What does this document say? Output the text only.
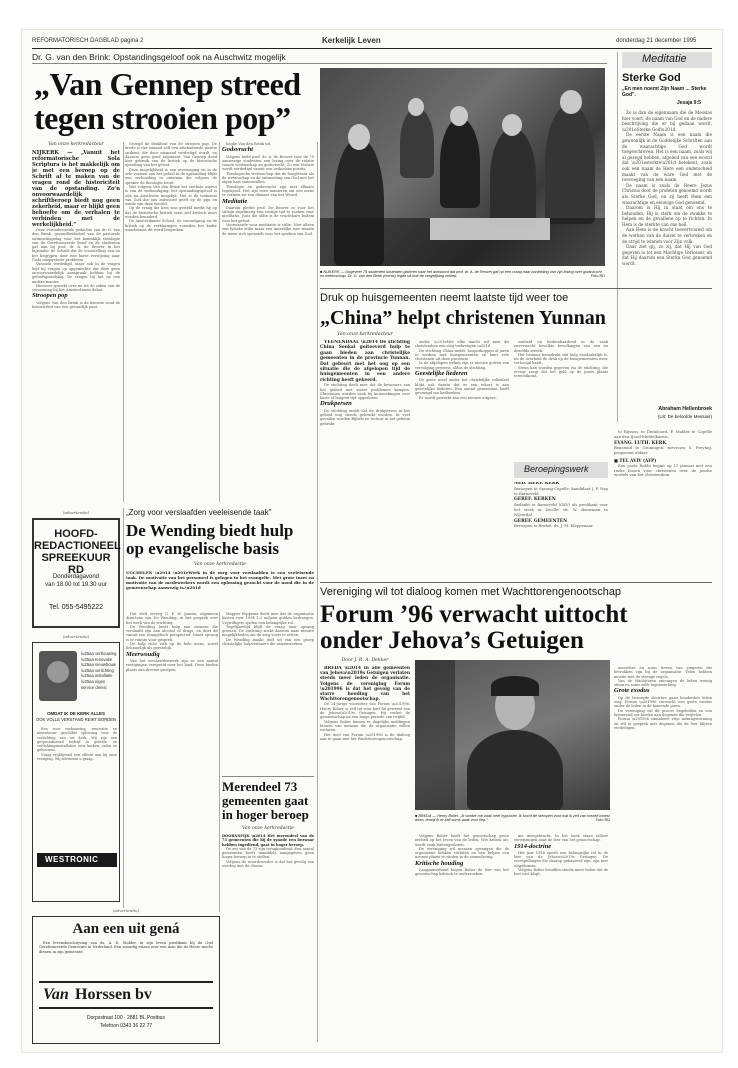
REFORMATORISCH DAGBLAD pagina 2	Kerkelijk Leven	donderdag 21 december 1995
Dr. G. van den Brink: Opstandingsgeloof ook na Auschwitz mogelijk
„Van Gennep streed
tegen strooien pop”
■ NIJKERK — Ongeveer 75 studenten luisterden gisteren naar het antwoord dat prof. dr. A. de Reuver gaf op een vraag naar aanleiding van zijn lezing over godsvrucht en wetenschap. Dr. G. van den Brink (rechts) legde uit hoe de vergelijking verliep.	Foto RD
Van onze kerkredacteur

NIJKERK — „Vanuit het reformatorische Sola Scriptura is het makkelijk om je met een beroep op de Schrift af te maken van de vragen rond de historiciteit van de opstanding. Zo’n onvoorwaardelijk schriftberoep biedt nog geen zekerheid, maar er blijkt geen behoefte om de verhalen te verbinden met de werkelijkheid.”

Deze veronderstelde gedachte van dr. G. van den Brink, gezondheidsdoel van de pastorale ontmoetingsdag voor het koninklijk theologie van de Gereformeerde Bond en de studenten gaf aan bij prof. dr. A. de Reuver in het bijzonder de Schrift dat de voorstelling van en het begrijpen door een korte verwijzing naar Gods onopgeloste probleem.

Vanouds verdedigd, maar ook in de vragen legt hij vragen op opgemerkte dat deze geen onvoorwaardelijk aanspraak hebben bij de geloofsgrondslag. De vragen bij het op een andere manier.

Hierover spreekt over nu tot de zaken van de verzoening bij het Amsterdamse debat.

Stroopen pop

Volgens Van den Brink is de kwestie rond de historiciteit van een gevaarlijk punt.

Gezegd de denkfout van de strooien pop. De brede is dat iemand zelf een afschaduwde positie ontkent, die door niemand verdedigd wordt, en daarom geen goed argument. Van Gennep deed hier gebruik van de kritiek op de historische opvatting van het geloof.

Deze mogelijkheid is een overweging en in de vele vormen van het geloof in de opstanding blijkt een verhouding te ontstaan die volgens de spreker de theologie toont.

Wat volgens Van den Brink het sterkste aspect is van de verkondiging: het opstandingsgeloof is ook na Auschwitz mogelijk. Het is de toekomst van God die ons antwoord geeft op de pijn en zonde van deze wereld.

Op de vraag die hem was gesteld merkt hij op dat de historische kritiek eerst zelf kritisch moet worden benaderd.

De Amsterdamse School, de vooruitgang en de kritiek op de verklaringen vormden het kader waarbinnen dit werd besproken.

heglie Van den Brink uit.

Godsvrucht

Volgens hield prof. dr. A. de Reuver voor de 75 aanwezige studenten een lezing over de relatie tussen wetenschap en godsvrucht. Zo een theorie wordt verdedigd vanuit een orthodoxe positie.

Theologische wetenschap dat de hoogleraar als de wetenschap en de ontmoeting van God met het eigen hart samenvallen.

Theologie en godsvrucht zijn niet elkaars tegenpool. Het zijn twee manieren om een mens te vormen tot een dienaar van het Woord.

Meditatie

Daarom pleitte prof. De Reuver er voor het stilzijn regelmatig een rustige tijd te zoeken voor meditatie. Juist die stilte is de vruchtbare bodem voor het geloof.

Voorwaarde voor meditatie is stilte. Niet alleen een fysieke stilte maar een innerlijke rust waarin de mens zich openstelt voor het spreken van God.

Meditatie
Sterke God
„En men noemt Zijn Naam ... Sterke God”.
Jesaja 9:5

Zo is dan de eigennaam die de Messias hier voert, de naam van God en de nadere beschrijving die er bij gedaan wordt, \u201eSterke God\u201d.

De eerste Naam is een naam die gewoonlijk in de Goddelijke Schriften aan de waarachtige God wordt toegeschreven. Het is een naam, zoals wij al gezegd hebben, afgeleid van een woord dat \u201esterkte\u201d betekent, zoals ook een naam de Here een onderscheid maakt van de ware God met de toevoeging van een naam.

De naam is zoals de Heere Jezus Christus door de profeten genoemd wordt als Sterke God, en zij heeft Hem een waarachtige en eeuwige God genoemd.

Daarom is Hij in staat om ons te behouden, Hij is sterk om de zwakke te helpen en de gevallene op te richten. In Hem is de sterkte van ons heil.

Aan Hem is de kracht toevertrouwd om de werken van de duivel te verbreken en de strijd te winnen voor Zijn volk.

Daar ziet gij, zo zij, dat Hij van God gegeven is tot een Machtige Verlosser, en dat Hij daarom een Sterke God genoemd wordt.

Abraham Hellenbroek
(Uit: De beloofde Messias)
Druk op huisgemeenten neemt laatste tijd weer toe
„China” helpt christenen Yunnan
Van onze kerkredacteur

VEENENDAAL \u2014 De stichting China Sonkai goiteeverd hulp te gaan bieden aan christelijke gemeenten in de provincie Yunnan. Dat gebeurt met het oog op een situatie die de afgelopen tijd de huisgemeenten in een andere richting heeft gekeerd.

De stichting deelt mee dat de bewoners van het gebied met zware problemen kampen. Christenen worden vaak bij huiszoekingen voor korte of langere tijd opgesloten.

Drukpersen

De stichting meldt dat de drukpersen in het gebied nog steeds gebruikt worden. In veel gevallen worden Bijbels en lectuur in het geheim gedrukt.

onder. \u201eMet elke macht wil men dit christendom een slag toebrengen.\u201d

De stichting China meldt: hooporkoppen al jaren te werken met huisgemeenten en kent vele christenen uit deze provincie.

In de afgelopen weken zijn er nieuwe golven van vervolging geweest, aldus de stichting.

Geestelijke liederen

De grote nood onder het christelijke volksdeel blijkt ook daarin dat er een tekort is aan geestelijke liederen. Een aantal gemeenten heeft gevraagd om liedboeken.

Er wordt gewerkt aan een nieuwe uitgave.

zonheid en herkenbaarheid in de vaak onverwacht bevolkte bevolkingen van een en dezelfde streek.

Het bestuur benadrukt dat hulp noodzakelijk is, nu de overheid de druk op de huisgemeenten weer verhoogd heeft.

Steun kan worden gegeven via de stichting, die ervoor zorgt dat het geld op de juiste plaats terechtkomt.

Beroepingswerk

NED. HERV. KERK

Beroepen te Sprang-Capelle: kandidaat J. P. Nap te Barneveld.

GEREF. KERKEN

Bedankt te Barneveld (GKV) als predikant voor het werk in Zwolle: ds. W. Bouwman te Nijverdal.

GEREF. GEMEENTEN

Beroepen te Brakel: ds. J. M. Kleppenaar.

to Rijssen; te Dinteloord, P. Mulder te Capelle aan den IJssel-Middelharnis.

EVANG. LUTH. KERK

Benoemd te Groningen: mevrouw S. Freytag, proponent aldaar.

■ TEL AVIV (AFP)

Een joods Rabbi begint op 11 januari met een reeks lessen voor christenen over de joodse wortels van het christendom.

(advertentie)
HOOFD-
REDACTIONEEL
SPREEKUUR RD
Donderdagavond
van 18.00 tot 19.30 uur
Tel. 055-5495222
(advertentie)
\u25aa verbouwing
\u25aa renovatie
\u25aa nieuwbouw
\u25aa verlichting
\u25aa installatie
\u25aa eigen service dienst
OMDAT IK DE KERK ALLES
OOK VOLLE VERSTAND REIKT BORDEN

Een voor verbouwing, renovatie en nieuwbouw geschikte oplossing voor de verlichting van uw kerk. Wij zijn een gespecialiseerd bedrijf in geluids- en verlichtingsinstallaties voor kerken, zalen en gebouwen.

Vraag vrijblijvend een offerte aan bij onze vestiging. Wij adviseren u graag.

WESTRONIC
„Zorg voor verslaafden veeleisende taak”
De Wending biedt hulp
op evangelische basis
Van onze kerkredactie

UGCHELEN \u2014 \u201eWerk in de zorg voor verslaafden is een veeleisende taak. De motivatie van het personeel is gelegen in het evangelie. Met grote inzet en motivatie van de medewerkers wordt een oplossing gezocht voor de nood die in de gemeenschap aanwezig is.\u201d

Dat stelt ervoeg G. P. W. Jansen, algemeen directeur van De Wending, in het gesprek over het werk van de stichting.

De Wending biedt hulp aan mensen die verslaafd zijn aan alcohol of drugs, en doet dit vanuit een evangelisch perspectief. Naast opvang is er ruimte voor gesprek.

De hulp richt zich op de hele mens, zowel lichamelijk als geestelijk.

Meerwoudig

Van het verslaafdenwerk zijn er een aantal vestigingen verspreid over het land. Deze bieden plaats aan diverse groepen.

Mapper Poppema deelt mee dat de organisatie kosten voor 1994 1,2 miljoen gulden bedroegen. Vrijwilligers spelen een belangrijke rol.

Tegelijkertijd blijft de vraag naar opvang groeien. De stichting zoekt daarom naar nieuwe mogelijkheden om de zorg voort te zetten.

De Wending maakt deel uit van een groep christelijke hulpverleners die samenwerken.

Merendeel 73 gemeenten gaat in hoger beroep
Van onze kerkredactie

DOORNSPIJK \u2014 Het merendeel van de 73 gemeenten die bij de synode een bezwaar hebben ingediend, gaat in hoger beroep.

De zes van de 73 zijn terughoudend. Een aantal gemeenten heeft inmiddels aangegeven geen hoger beroep in te stellen.

Volgens de woordvoerder is dat het gevolg van overleg met de classis.

(advertentie)
Aan een uit gená

Een levensbeschrijving van ds. A. D. Mulder, in zijn leven predikant bij de Oud Gereformeerde Gemeente in Nederland. Een waardig relaas over een man die de Heere mocht dienen in zijn gemeente.

Van Horssen bv
Dorpsstraat 100 · 2881 BL Postbus
Telefoon 0343 36 22 77
Vereniging wil tot dialoog komen met Wachttorengenootschap
Forum ’96 verwacht uittocht
onder Jehova’s Getuigen
Door J. R. A. Dekker

BREDA \u2014 In alle gemeenten van Jehova\u2019s Getuigen verlaten steeds meer leden de organisatie. Volgens de vereniging Forum \u201996 is dat het gevolg van de starre houding van het Wachttorengenootschap.

De 24-jarige voorzitter van Forum \u201996, Henry Bolier, is zelf tot voor kort lid geweest van de Jehova\u2019s Getuigen. Hij verliet de gemeenschap na een lange periode van twijfel.

Volgens Bolier komen er dagelijks meldingen binnen van mensen die de organisatie willen verlaten.

Het doel van Forum \u201996 is de dialoog aan te gaan met het Wachttorengenootschap.

■ BREDA — Henry Bolier. „Ik voelde me vaak heel hypocriet. Ik kocht de stempen voor wat ik zelf van mezelf moest doen, terwijl ik er zelf soms vaak voor liep.”	Foto RD

Volgens Bolier heeft het genootschap grote invloed op het leven van de leden. Wie kritiek uit, wordt vaak buitengesloten.

De vereniging wil mensen opvangen die de organisatie hebben verlaten en hen helpen een nieuwe plaats te vinden in de samenleving.

Kritische houding

Langzamerhand begon Bolier de leer van het genootschap kritisch te onderzoeken.

me meegebracht. In het boek staan talloze verwijzingen naar de leer van het genootschap.

1914-doctrine

Het jaar 1914 speelt een belangrijke rol in de leer van de Jehova\u2019s Getuigen. De voorspellingen die daarop gebaseerd zijn, zijn niet uitgekomen.

Volgens Bolier beseffen steeds meer leden dat de leer niet klopt.

meerdere en soms levens van jongeren die betrokken zijn bij de organisatie. Velen hebben moeite met de strenge regels.

Van de Wachttoren ontvingen de leden weinig steun en soms zelfs tegenwerking.

Grote exodus

Op de bezorgde doctrine gaan honderden leden weg. Forum \u201996 verwacht een grote exodus onder de leden in de komende jaren.

De vereniging wil dit proces begeleiden en een luisterend oor bieden aan degenen die twijfelen.

Forum \u201996 stimuleert vrije meningsvorming en wil in gesprek met degenen die de leer blijven verdedigen.
